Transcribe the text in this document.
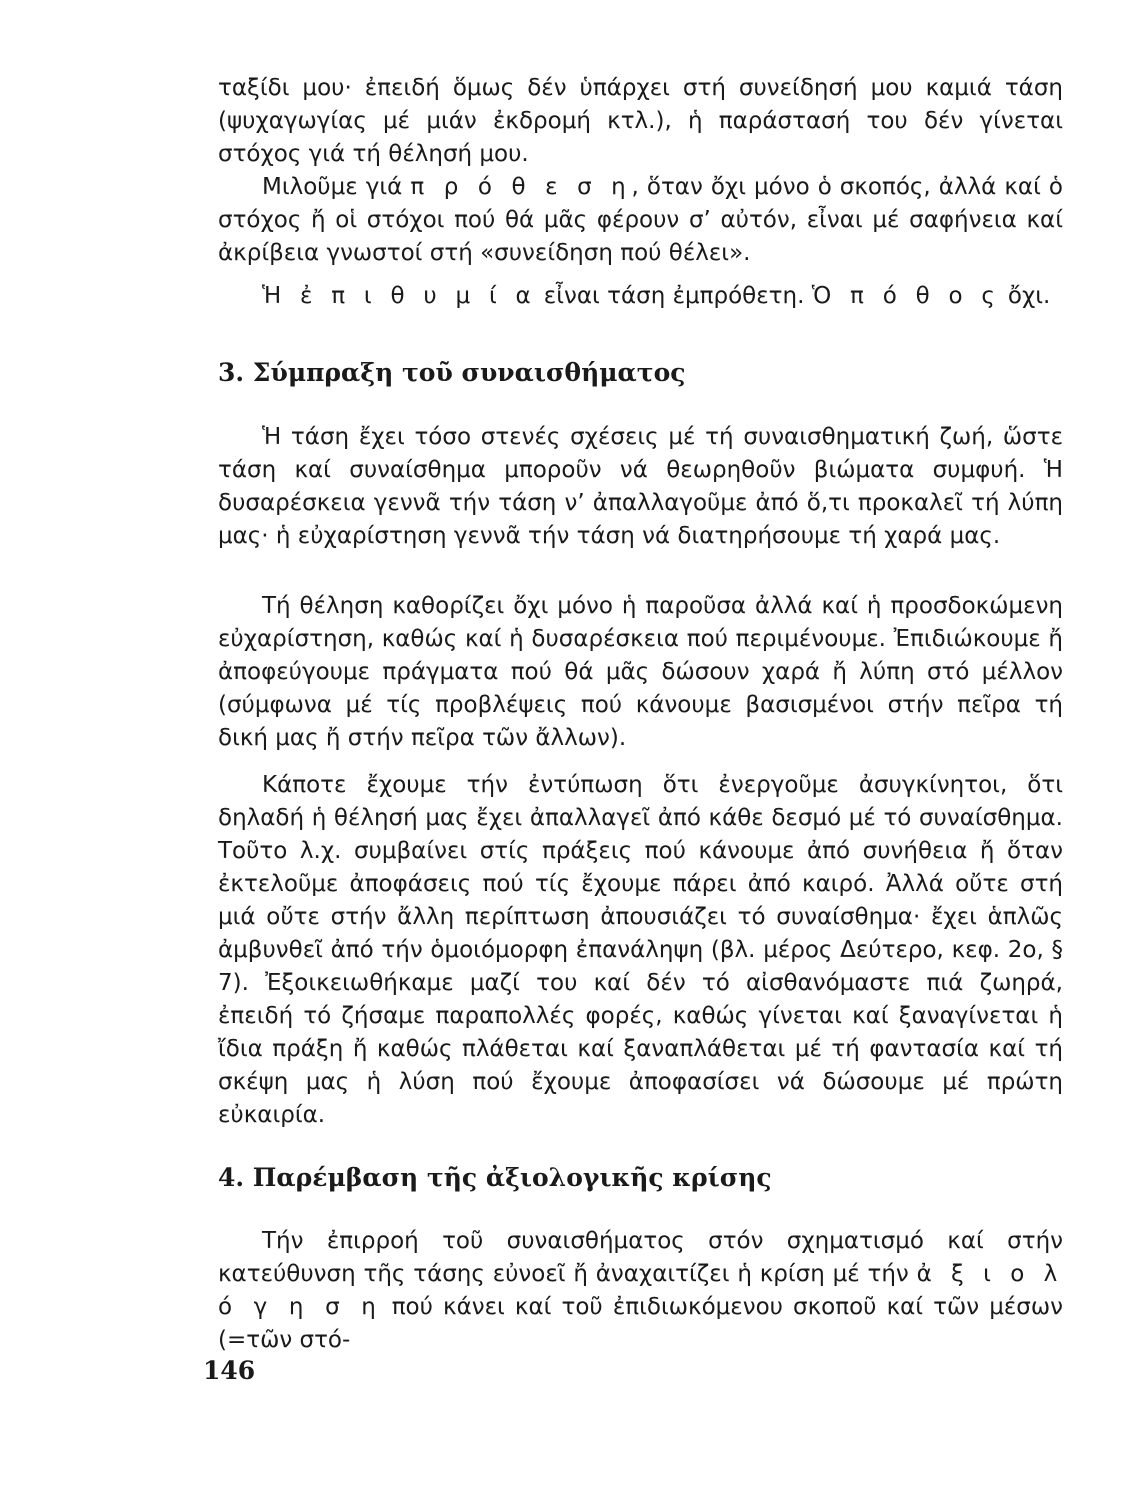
ταξίδι μου· ἐπειδή ὅμως δέν ὑπάρχει στή συνείδησή μου καμιά τάση (ψυχαγωγίας μέ μιάν ἐκδρομή κτλ.), ἡ παράστασή του δέν γίνεται στόχος γιά τή θέλησή μου.

Μιλοῦμε γιά π ρ ό θ ε σ η, ὅταν ὄχι μόνο ὁ σκοπός, ἀλλά καί ὁ στόχος ἤ οἱ στόχοι πού θά μᾶς φέρουν σ’ αὐτόν, εἶναι μέ σαφήνεια καί ἀκρίβεια γνωστοί στή «συνείδηση πού θέλει».

Ἡ ἐ π ι θ υ μ ί α εἶναι τάση ἐμπρόθετη. Ὁ π ό θ ο ς ὄχι.

3. Σύμπραξη τοῦ συναισθήματος

Ἡ τάση ἔχει τόσο στενές σχέσεις μέ τή συναισθηματική ζωή, ὥστε τάση καί συναίσθημα μποροῦν νά θεωρηθοῦν βιώματα συμφυή. Ἡ δυσαρέσκεια γεννᾶ τήν τάση ν’ ἀπαλλαγοῦμε ἀπό ὅ,τι προκαλεῖ τή λύπη μας· ἡ εὐχαρίστηση γεννᾶ τήν τάση νά διατηρήσουμε τή χαρά μας.

Τή θέληση καθορίζει ὄχι μόνο ἡ παροῦσα ἀλλά καί ἡ προσδοκώμενη εὐχαρίστηση, καθώς καί ἡ δυσαρέσκεια πού περιμένουμε. Ἐπιδιώκουμε ἤ ἀποφεύγουμε πράγματα πού θά μᾶς δώσουν χαρά ἤ λύπη στό μέλλον (σύμφωνα μέ τίς προβλέψεις πού κάνουμε βασισμένοι στήν πεῖρα τή δική μας ἤ στήν πεῖρα τῶν ἄλλων).

Κάποτε ἔχουμε τήν ἐντύπωση ὅτι ἐνεργοῦμε ἀσυγκίνητοι, ὅτι δηλαδή ἡ θέλησή μας ἔχει ἀπαλλαγεῖ ἀπό κάθε δεσμό μέ τό συναίσθημα. Τοῦτο λ.χ. συμβαίνει στίς πράξεις πού κάνουμε ἀπό συνήθεια ἤ ὅταν ἐκτελοῦμε ἀποφάσεις πού τίς ἔχουμε πάρει ἀπό καιρό. Ἀλλά οὔτε στή μιά οὔτε στήν ἄλλη περίπτωση ἀπουσιάζει τό συναίσθημα· ἔχει ἁπλῶς ἀμβυνθεῖ ἀπό τήν ὁμοιόμορφη ἐπανάληψη (βλ. μέρος Δεύτερο, κεφ. 2ο, § 7). Ἐξοικειωθήκαμε μαζί του καί δέν τό αἰσθανόμαστε πιά ζωηρά, ἐπειδή τό ζήσαμε παραπολλές φορές, καθώς γίνεται καί ξαναγίνεται ἡ ἴδια πράξη ἤ καθώς πλάθεται καί ξαναπλάθεται μέ τή φαντασία καί τή σκέψη μας ἡ λύση πού ἔχουμε ἀποφασίσει νά δώσουμε μέ πρώτη εὐκαιρία.

4. Παρέμβαση τῆς ἀξιολογικῆς κρίσης

Τήν ἐπιρροή τοῦ συναισθήματος στόν σχηματισμό καί στήν κατεύθυνση τῆς τάσης εὐνοεῖ ἤ ἀναχαιτίζει ἡ κρίση μέ τήν ἀ ξ ι ο λ ό γ η σ η πού κάνει καί τοῦ ἐπιδιωκόμενου σκοποῦ καί τῶν μέσων (=τῶν στό-

146
